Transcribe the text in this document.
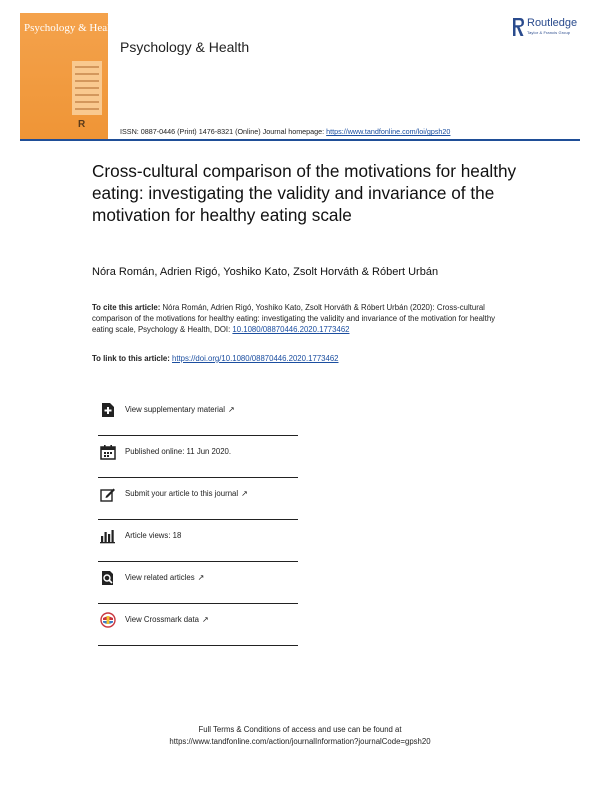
Psychology & Health
R
Psychology & Health
Routledge
Taylor & Francis Group
ISSN: 0887-0446 (Print) 1476-8321 (Online) Journal homepage: https://www.tandfonline.com/loi/gpsh20
Cross-cultural comparison of the motivations for healthy eating: investigating the validity and invariance of the motivation for healthy eating scale
Nóra Román, Adrien Rigó, Yoshiko Kato, Zsolt Horváth & Róbert Urbán
To cite this article: Nóra Román, Adrien Rigó, Yoshiko Kato, Zsolt Horváth & Róbert Urbán (2020): Cross-cultural comparison of the motivations for healthy eating: investigating the validity and invariance of the motivation for healthy eating scale, Psychology & Health, DOI: 10.1080/08870446.2020.1773462
To link to this article: https://doi.org/10.1080/08870446.2020.1773462
View supplementary material ↗
Published online: 11 Jun 2020.
Submit your article to this journal ↗
Article views: 18
View related articles ↗
View Crossmark data ↗
Full Terms & Conditions of access and use can be found at
https://www.tandfonline.com/action/journalInformation?journalCode=gpsh20
